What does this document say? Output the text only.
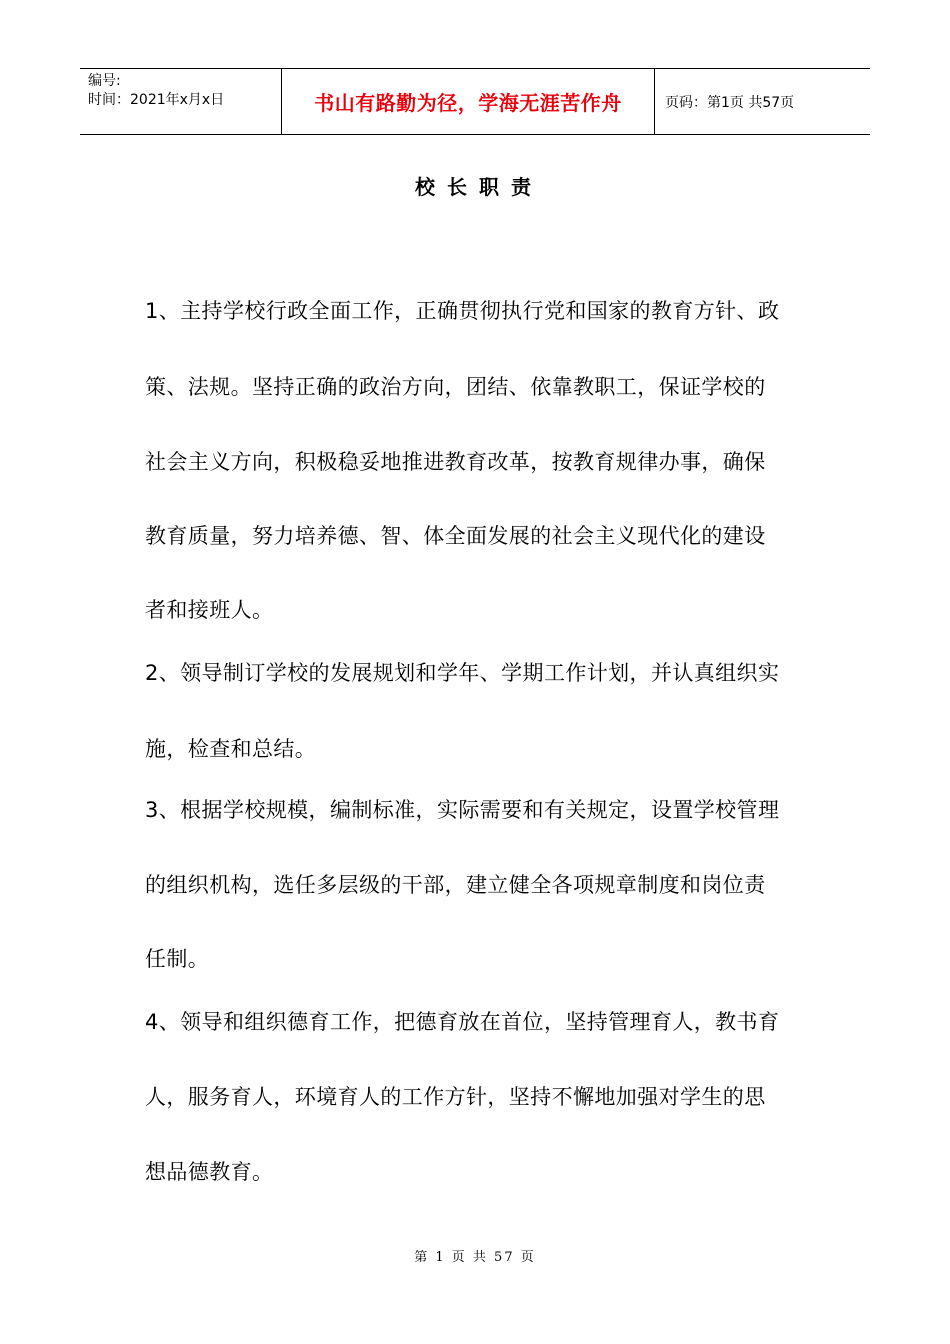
编号:
时间：2021年x月x日	书山有路勤为径，学海无涯苦作舟	页码：第1页 共57页
校长职责
1、主持学校行政全面工作，正确贯彻执行党和国家的教育方针、政
策、法规。坚持正确的政治方向，团结、依靠教职工，保证学校的
社会主义方向，积极稳妥地推进教育改革，按教育规律办事，确保
教育质量，努力培养德、智、体全面发展的社会主义现代化的建设
者和接班人。
2、领导制订学校的发展规划和学年、学期工作计划，并认真组织实
施，检查和总结。
3、根据学校规模，编制标准，实际需要和有关规定，设置学校管理
的组织机构，选任多层级的干部，建立健全各项规章制度和岗位责
任制。
4、领导和组织德育工作，把德育放在首位，坚持管理育人，教书育
人，服务育人，环境育人的工作方针，坚持不懈地加强对学生的思
想品德教育。
第 1 页 共 57 页
